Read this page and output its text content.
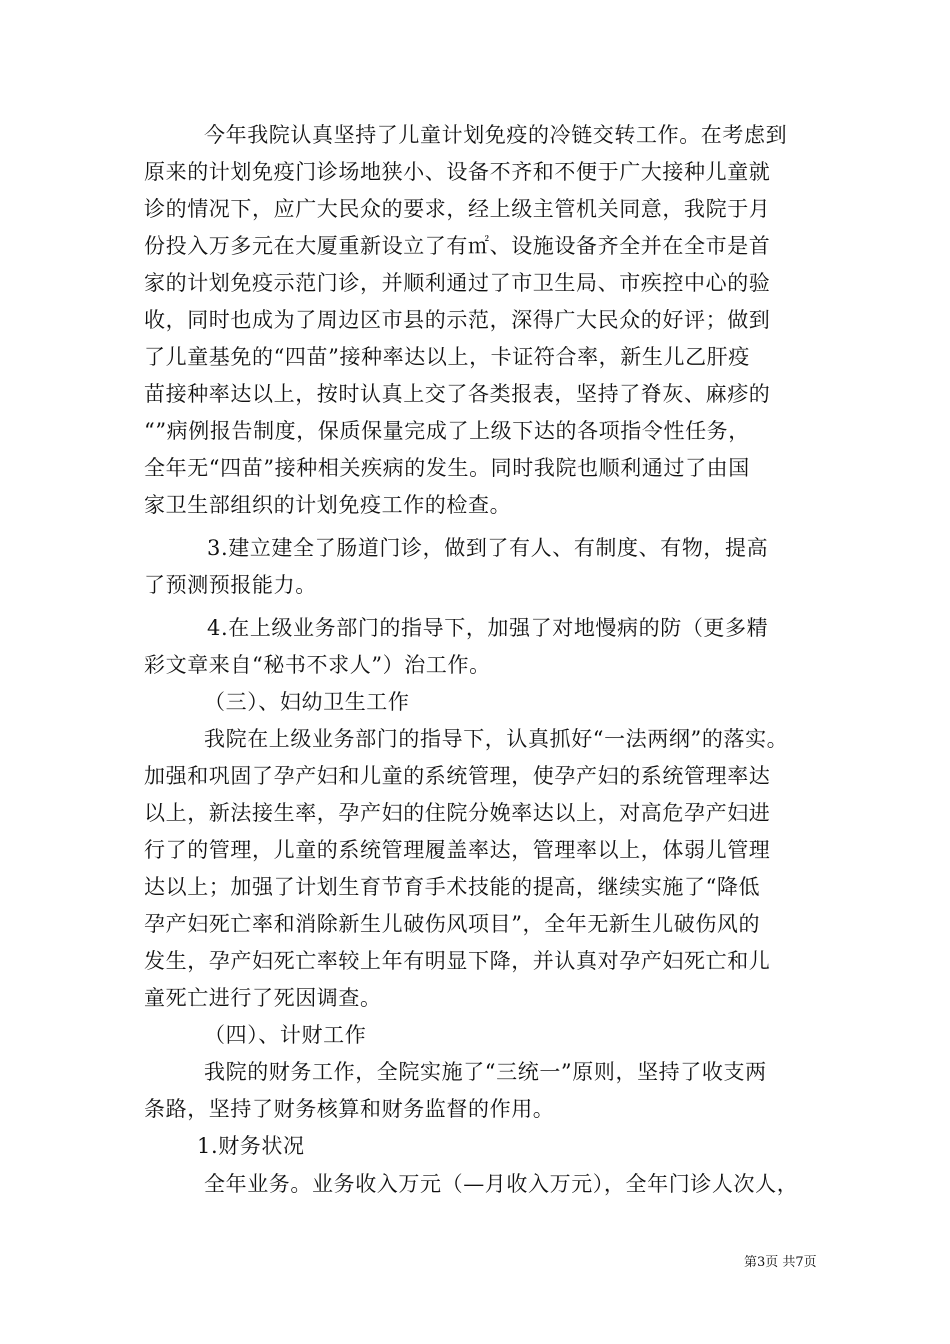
今年我院认真坚持了儿童计划免疫的冷链交转工作。在考虑到
原来的计划免疫门诊场地狭小、设备不齐和不便于广大接种儿童就
诊的情况下，应广大民众的要求，经上级主管机关同意，我院于月
份投入万多元在大厦重新设立了有㎡、设施设备齐全并在全市是首
家的计划免疫示范门诊，并顺利通过了市卫生局、市疾控中心的验
收，同时也成为了周边区市县的示范，深得广大民众的好评；做到
了儿童基免的“四苗”接种率达以上，卡证符合率，新生儿乙肝疫
苗接种率达以上，按时认真上交了各类报表，坚持了脊灰、麻疹的
“”病例报告制度，保质保量完成了上级下达的各项指令性任务，
全年无“四苗”接种相关疾病的发生。同时我院也顺利通过了由国
家卫生部组织的计划免疫工作的检查。
3.建立建全了肠道门诊，做到了有人、有制度、有物，提高
了预测预报能力。
4.在上级业务部门的指导下，加强了对地慢病的防（更多精
彩文章来自“秘书不求人”）治工作。
（三）、妇幼卫生工作
我院在上级业务部门的指导下，认真抓好“一法两纲”的落实。
加强和巩固了孕产妇和儿童的系统管理，使孕产妇的系统管理率达
以上，新法接生率，孕产妇的住院分娩率达以上，对高危孕产妇进
行了的管理，儿童的系统管理履盖率达，管理率以上，体弱儿管理
达以上；加强了计划生育节育手术技能的提高，继续实施了“降低
孕产妇死亡率和消除新生儿破伤风项目”，全年无新生儿破伤风的
发生，孕产妇死亡率较上年有明显下降，并认真对孕产妇死亡和儿
童死亡进行了死因调查。
（四）、计财工作
我院的财务工作，全院实施了“三统一”原则，坚持了收支两
条路，坚持了财务核算和财务监督的作用。
1.财务状况
全年业务。业务收入万元（—月收入万元），全年门诊人次人，
第3页 共7页
